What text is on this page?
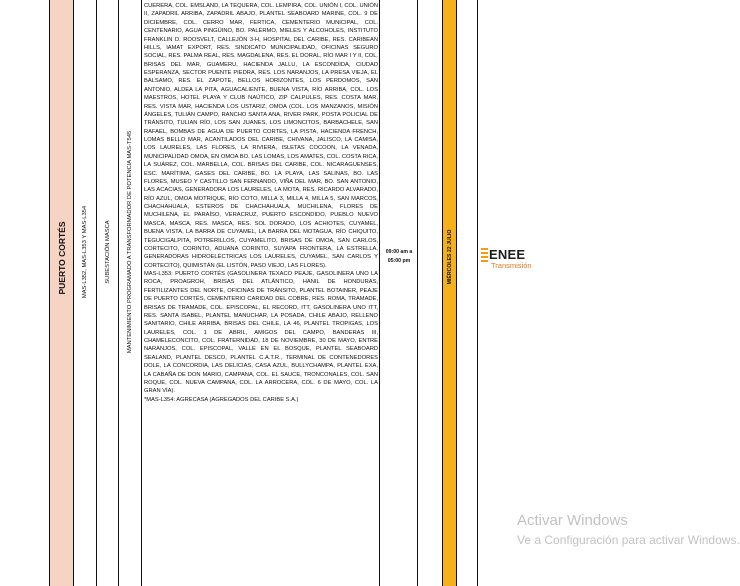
PUERTO CORTÉS	MAS-L352, MAS-L353 Y MAS-L354	SUBESTACIÓN MASCA	MANTENIMIENTO PROGRAMADO A TRANSFORMADOR DE POTENCIA MAS-T545

CUERERA, COL. EMSLAND, LA TEQUERA, COL. LEMPIRA, COL. UNIÓN I, COL. UNIÓN II, ZAPADRIL ARRIBA, ZAPADRIL ABAJO, PLANTEL SEABOARD MARINE, COL. 9 DE DICIEMBRE, COL. CERRO MAR, FERTICA, CEMENTERIO MUNICIPAL, COL. CENTENARIO, AGUA PINGÜINO, BO. PALERMO, MIELES Y ALCOHOLES, INSTITUTO FRANKLIN D. ROOSVELT, CALLEJÓN 3-H, HOSPITAL DEL CARIBE, RES. CARIBEAN HILLS, IAMAT EXPORT, RES. SINDICATO MUNICIPALIDAD, OFICINAS SEGURO SOCIAL, RES. PALMA REAL, RES. MAGDALENA, RES. EL DORAL, RÍO MAR I Y II, COL. BRISAS DEL MAR, GUAMERU, HACIENDA JALLU, LA ESCONDIDA, CIUDAD ESPERANZA, SECTOR PUENTE PIEDRA, RES. LOS NARANJOS, LA PRESA VIEJA, EL BALSAMO, RES. EL ZAPOTE, BELLOS HORIZONTES, LOS PERDOMOS, SAN ANTONIO, ALDEA LA PITA, AGUACALIENTE, BUENA VISTA, RÍO ARRIBA, COL. LOS MAESTROS, HOTEL PLAYA Y CLUB NAÚTICO, ZIP CALPULES, RES. COSTA MAR, RES. VISTA MAR, HACIENDA LOS USTARIZ, OMOA (COL. LOS MANZANOS, MISIÓN ÁNGELES, TULIÁN CAMPO, RANCHO SANTA ANA, RIVER PARK, POSTA POLICIAL DE TRÁNSITO, TULIAN RÍO, LOS SAN JUANES, LOS LIMONCITOS, BARBACHELE, SAN RAFAEL, BOMBAS DE AGUA DE PUERTO CORTES, LA PISTA, HACIENDA FRENCH, LOMAS BELLO MAR, ACANTILADOS DEL CARIBE, CHIVANA, JALISCO, LA CAMISA, LOS LAURELES, LAS FLORES, LA RIVIERA, ISLETAS COCOON, LA VENADA, MUNICIPALIDAD OMOA, EN OMOA BO. LAS LOMAS, LOS AMATES, COL. COSTA RICA, LA SUÁREZ, COL. MARBELLA, COL. BRISAS DEL CARIBE, COL. NICARAGUENSES, ESC. MARÍTIMA, GASES DEL CARIBE, BO. LA PLAYA, LAS SALINAS, BO. LAS FLORES, MUSEO Y CASTILLO SAN FERNANDO, VIÑA DEL MAR, BO. SAN ANTONIO, LAS ACACIAS, GENERADORA LOS LAURELES, LA MOTA, RES. RICARDO ALVARADO, RÍO AZUL, OMOA MOTRIQUE, RÍO COTO, MILLA 3, MILLA 4, MILLA 5, SAN MARCOS, CHACHAHUALA, ESTEROS DE CHACHAHUALA, MUCHILENA, FLORES DE MUCHILENA, EL PARAÍSO, VERACRUZ, PUERTO ESCONDIDO, PUEBLO NUEVO MASCA, MASCA, RES. MASCA, RES. SOL DORADO, LOS ACHIOTES, CUYAMEL, BUENA VISTA, LA BARRA DE CUYAMEL, LA BARRA DEL MOTAGUA, RÍO CHIQUITO, TEGUCIGALPITA, POTRERILLOS, CUYAMELITO, BRISAS DE OMOA, SAN CARLOS, CORTECITO, CORINTO, ADUANA CORINTO, SUYAPA FRONTERA, LA ESTRELLA, GENERADORAS HIDROELÉCTRICAS LOS LAURELES, CUYAMEL, SAN CARLOS Y CORTECITO), QUIMISTÁN (EL LISTÓN, PASO VIEJO, LAS FLORES).

MAS-L353: PUERTO CORTÉS (GASOLINERA TEXACO PEAJE, GASOLINERA UNO LA ROCA, PROAGROH, BRISAS DEL ATLÁNTICO, HANIL DE HONDURAS, FERTILIZANTES DEL NORTE, OFICINAS DE TRÁNSITO, PLANTEL BOTAINER, PEAJE DE PUERTO CORTÉS, CEMENTERIO CARIDAD DEL COBRE, RES. ROMA, TRAMADE, BRISAS DE TRAMADE, COL. EPISCOPAL, EL RECORD, ITT, GASOLINERA UNO ITT, RES. SANTA ISABEL, PLANTEL MANUCHAR, LA POSADA, CHILE ABAJO, RELLENO SANITARIO, CHILE ARRIBA, BRISAS DEL CHILE, LA 46, PLANTEL TROPIGAS, LOS LAURELES, COL. 1 DE ABRIL, AMIGOS DEL CAMPO, BANDERAS III, CHAMELECONCITO, COL. FRATERNIDAD, 18 DE NOVIEMBRE, 30 DE MAYO, ENTRE NARANJOS, COL. EPISCOPAL, VALLE EN EL BOSQUE, PLANTEL SEABOARD SEALAND, PLANTEL DESCO, PLANTEL C.A.T.R., TERMINAL DE CONTENEDORES DOLE, LA CONCORDIA, LAS DELICIAS, CASA AZUL, BULLYCHAMPA, PLANTEL EXA, LA CABAÑA DE DON MARIO, CAMPANA, COL. EL SAUCE, TRONCONALES, COL. SAN ROQUE, COL. NUEVA CAMPANA, COL. LA ARROCERA, COL. 6 DE MAYO, COL. LA GRAN VÍA).

*MAS-L354: AGRECASA (AGREGADOS DEL CARIBE S.A.)

09:00 am a
05:00 pm	MIÉRCOLES 22 JULIO	ENEE
Transmisión
Activar Windows
Ve a Configuración para activar Windows.
